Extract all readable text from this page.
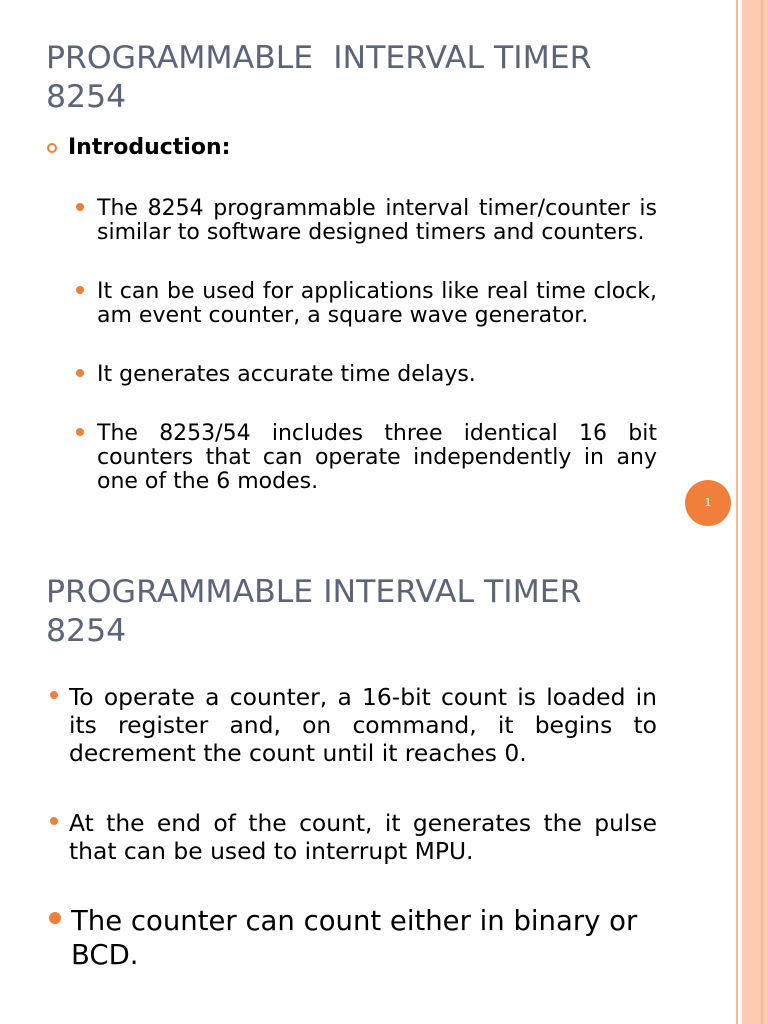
PROGRAMMABLE  INTERVAL TIMER
8254
Introduction:
The 8254 programmable interval timer/counter is
similar to software designed timers and counters.
It can be used for applications like real time clock,
am event counter, a square wave generator.
It generates accurate time delays.
The 8253/54 includes three identical 16 bit
counters that can operate independently in any
one of the 6 modes.
1
PROGRAMMABLE INTERVAL TIMER
8254
To operate a counter, a 16-bit count is loaded in
its register and, on command, it begins to
decrement the count until it reaches 0.
At the end of the count, it generates the pulse
that can be used to interrupt MPU.
The counter can count either in binary or
BCD.
